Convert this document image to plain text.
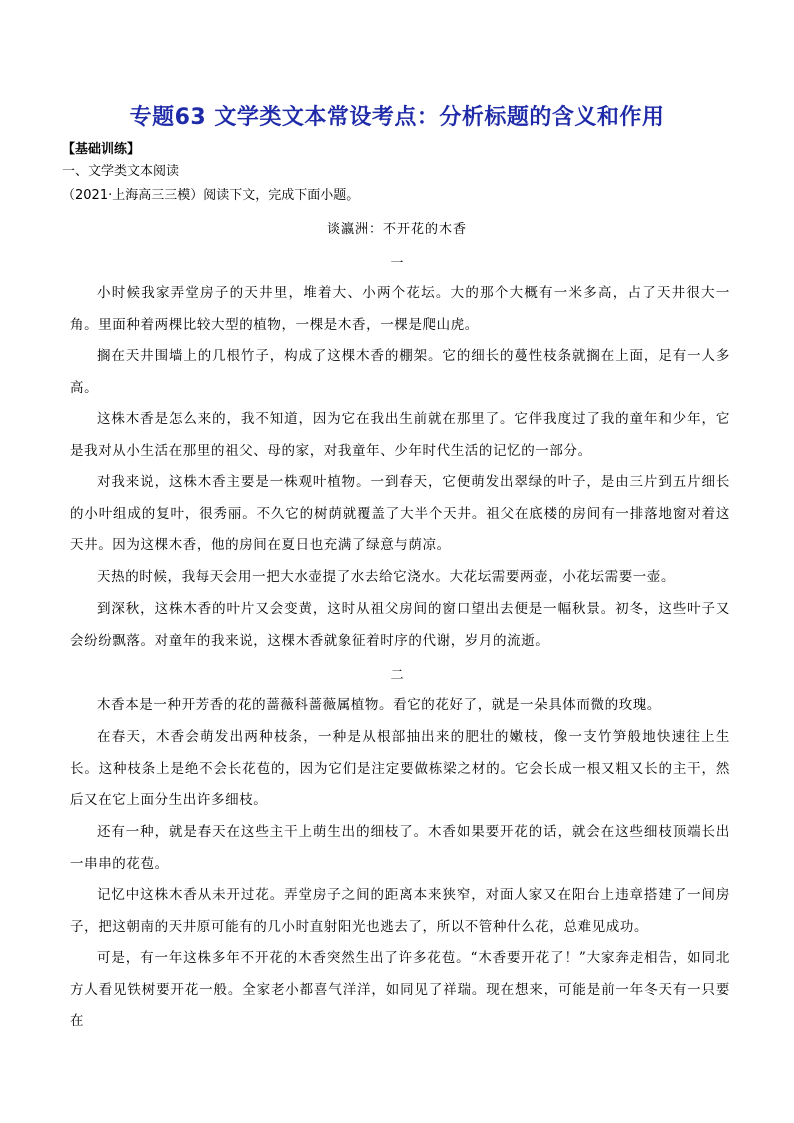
专题63 文学类文本常设考点：分析标题的含义和作用
【基础训练】
一、文学类文本阅读
（2021·上海高三三模）阅读下文，完成下面小题。
谈瀛洲：不开花的木香
一

小时候我家弄堂房子的天井里，堆着大、小两个花坛。大的那个大概有一米多高，占了天井很大一角。里面种着两棵比较大型的植物，一棵是木香，一棵是爬山虎。

搁在天井围墙上的几根竹子，构成了这棵木香的棚架。它的细长的蔓性枝条就搁在上面，足有一人多高。

这株木香是怎么来的，我不知道，因为它在我出生前就在那里了。它伴我度过了我的童年和少年，它是我对从小生活在那里的祖父、母的家，对我童年、少年时代生活的记忆的一部分。

对我来说，这株木香主要是一株观叶植物。一到春天，它便萌发出翠绿的叶子，是由三片到五片细长的小叶组成的复叶，很秀丽。不久它的树荫就覆盖了大半个天井。祖父在底楼的房间有一排落地窗对着这天井。因为这棵木香，他的房间在夏日也充满了绿意与荫凉。

天热的时候，我每天会用一把大水壶提了水去给它浇水。大花坛需要两壶，小花坛需要一壶。

到深秋，这株木香的叶片又会变黄，这时从祖父房间的窗口望出去便是一幅秋景。初冬，这些叶子又会纷纷飘落。对童年的我来说，这棵木香就象征着时序的代谢，岁月的流逝。

二

木香本是一种开芳香的花的蔷薇科蔷薇属植物。看它的花好了，就是一朵具体而微的玫瑰。

在春天，木香会萌发出两种枝条，一种是从根部抽出来的肥壮的嫩枝，像一支竹笋般地快速往上生长。这种枝条上是绝不会长花苞的，因为它们是注定要做栋梁之材的。它会长成一根又粗又长的主干，然后又在它上面分生出许多细枝。

还有一种，就是春天在这些主干上萌生出的细枝了。木香如果要开花的话，就会在这些细枝顶端长出一串串的花苞。

记忆中这株木香从未开过花。弄堂房子之间的距离本来狭窄，对面人家又在阳台上违章搭建了一间房子，把这朝南的天井原可能有的几小时直射阳光也逃去了，所以不管种什么花，总难见成功。

可是，有一年这株多年不开花的木香突然生出了许多花苞。“木香要开花了！”大家奔走相告，如同北方人看见铁树要开花一般。全家老小都喜气洋洋，如同见了祥瑞。现在想来，可能是前一年冬天有一只要在
